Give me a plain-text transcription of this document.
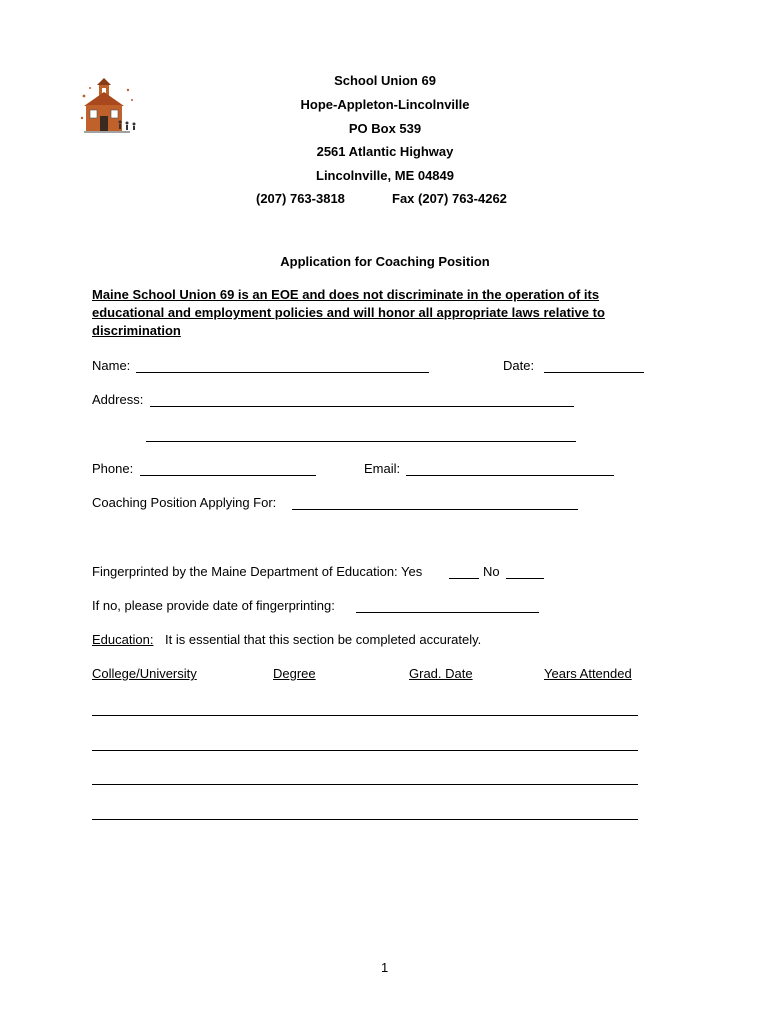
School Union 69
Hope-Appleton-Lincolnville
PO Box 539
2561 Atlantic Highway
Lincolnville, ME 04849
(207) 763-3818	Fax (207) 763-4262
Application for Coaching Position
Maine School Union 69 is an EOE and does not discriminate in the operation of its educational and employment policies and will honor all appropriate laws relative to discrimination
Name:	Date:
Address:
Phone:	Email:
Coaching Position Applying For:
Fingerprinted by the Maine Department of Education: Yes	No
If no, please provide date of fingerprinting:
Education: It is essential that this section be completed accurately.
College/University	Degree	Grad. Date	Years Attended
1
